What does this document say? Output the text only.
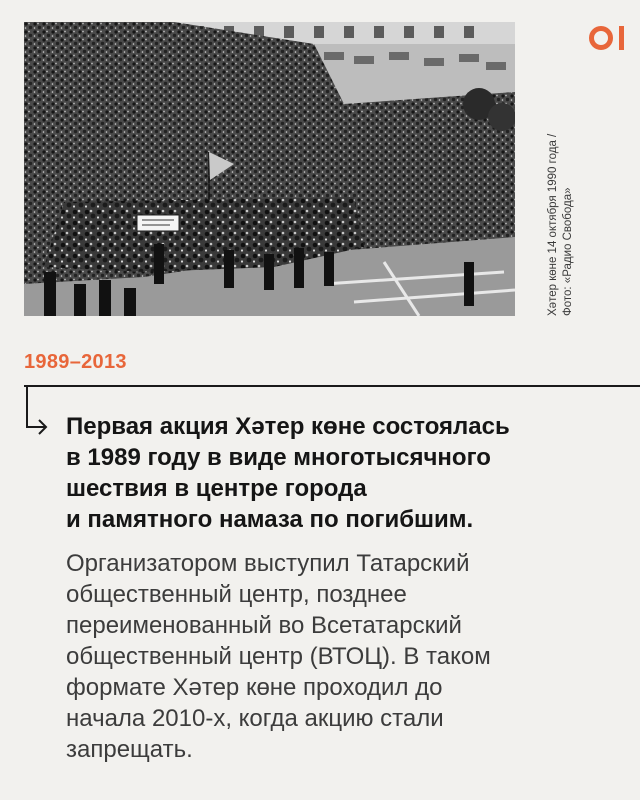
Хәтер көне 14 октября 1990 года / Фото: «Радио Свобода»
1989–2013

Первая акция Хәтер көне состоялась
в 1989 году в виде многотысячного
шествия в центре города
и памятного намаза по погибшим.

Организатором выступил Татарский
общественный центр, позднее
переименованный во Всетатарский
общественный центр (ВТОЦ). В таком
формате Хәтер көне проходил до
начала 2010-х, когда акцию стали
запрещать.
